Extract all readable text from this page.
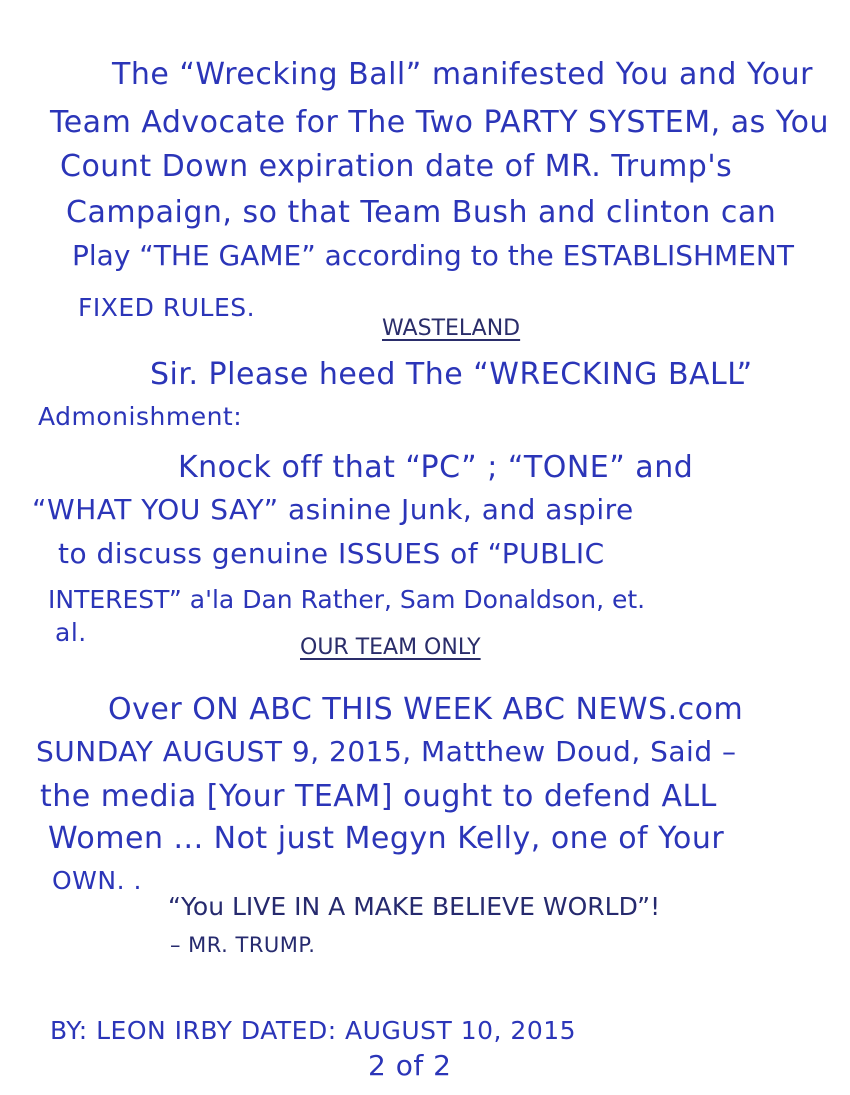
The “Wrecking Ball” manifested You and Your
Team Advocate for The Two PARTY SYSTEM, as You
Count Down expiration date of MR. Trump's
Campaign, so that Team Bush and clinton can
Play “THE GAME” according to the ESTABLISHMENT
FIXED RULES.
WASTELAND
Sir. Please heed The “WRECKING BALL”
Admonishment:
Knock off that “PC” ; “TONE” and
“WHAT YOU SAY” asinine Junk, and aspire
to discuss genuine ISSUES of “PUBLIC
INTEREST” a'la Dan Rather, Sam Donaldson, et.
al.
OUR TEAM ONLY
Over ON ABC THIS WEEK ABC NEWS.com
SUNDAY AUGUST 9, 2015, Matthew Doud, Said –
the media [Your TEAM] ought to defend ALL
Women ... Not just Megyn Kelly, one of Your
OWN. .
“You LIVE IN A MAKE BELIEVE WORLD”!
– MR. TRUMP.
BY: LEON IRBY DATED: AUGUST 10, 2015
2 of 2
